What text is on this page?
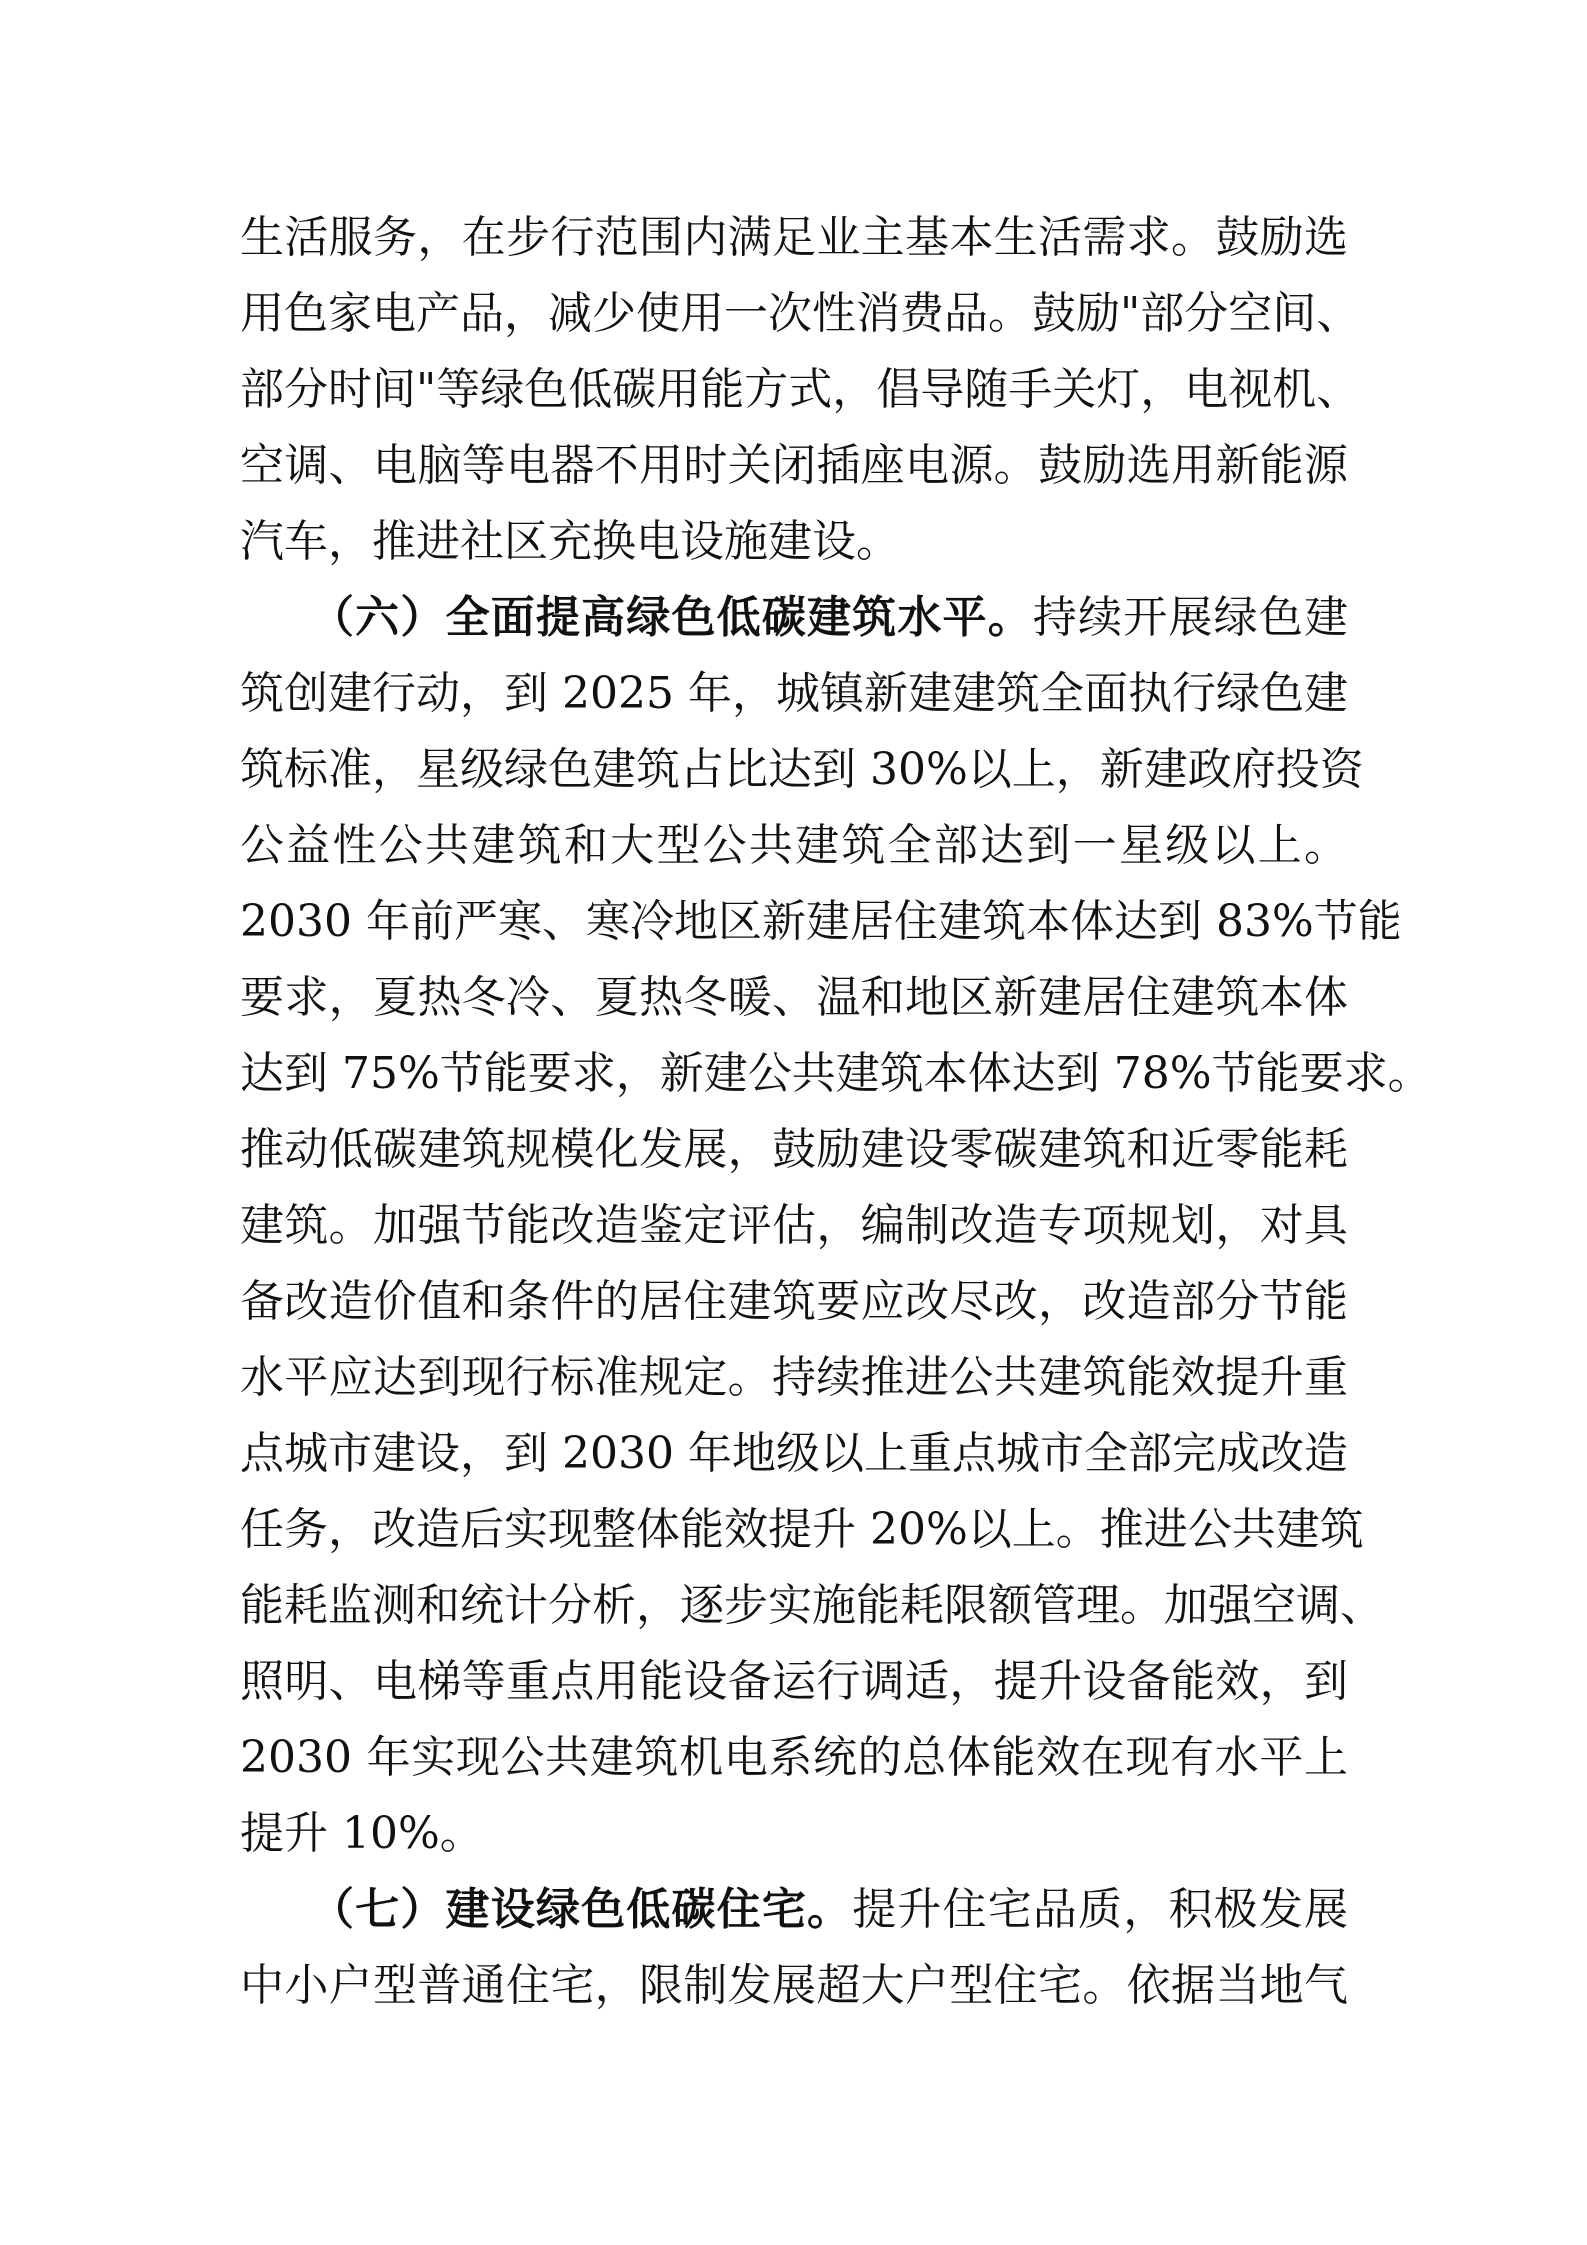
生活服务，在步行范围内满足业主基本生活需求。鼓励选
用色家电产品，减少使用一次性消费品。鼓励"部分空间、
部分时间"等绿色低碳用能方式，倡导随手关灯，电视机、
空调、电脑等电器不用时关闭插座电源。鼓励选用新能源
汽车，推进社区充换电设施建设。
（六）全面提高绿色低碳建筑水平。持续开展绿色建
筑创建行动，到 2025 年，城镇新建建筑全面执行绿色建
筑标准，星级绿色建筑占比达到 30%以上，新建政府投资
公益性公共建筑和大型公共建筑全部达到一星级以上。
2030 年前严寒、寒冷地区新建居住建筑本体达到 83%节能
要求，夏热冬冷、夏热冬暖、温和地区新建居住建筑本体
达到 75%节能要求，新建公共建筑本体达到 78%节能要求。
推动低碳建筑规模化发展，鼓励建设零碳建筑和近零能耗
建筑。加强节能改造鉴定评估，编制改造专项规划，对具
备改造价值和条件的居住建筑要应改尽改，改造部分节能
水平应达到现行标准规定。持续推进公共建筑能效提升重
点城市建设，到 2030 年地级以上重点城市全部完成改造
任务，改造后实现整体能效提升 20%以上。推进公共建筑
能耗监测和统计分析，逐步实施能耗限额管理。加强空调、
照明、电梯等重点用能设备运行调适，提升设备能效，到
2030 年实现公共建筑机电系统的总体能效在现有水平上
提升 10%。
（七）建设绿色低碳住宅。提升住宅品质，积极发展
中小户型普通住宅，限制发展超大户型住宅。依据当地气
